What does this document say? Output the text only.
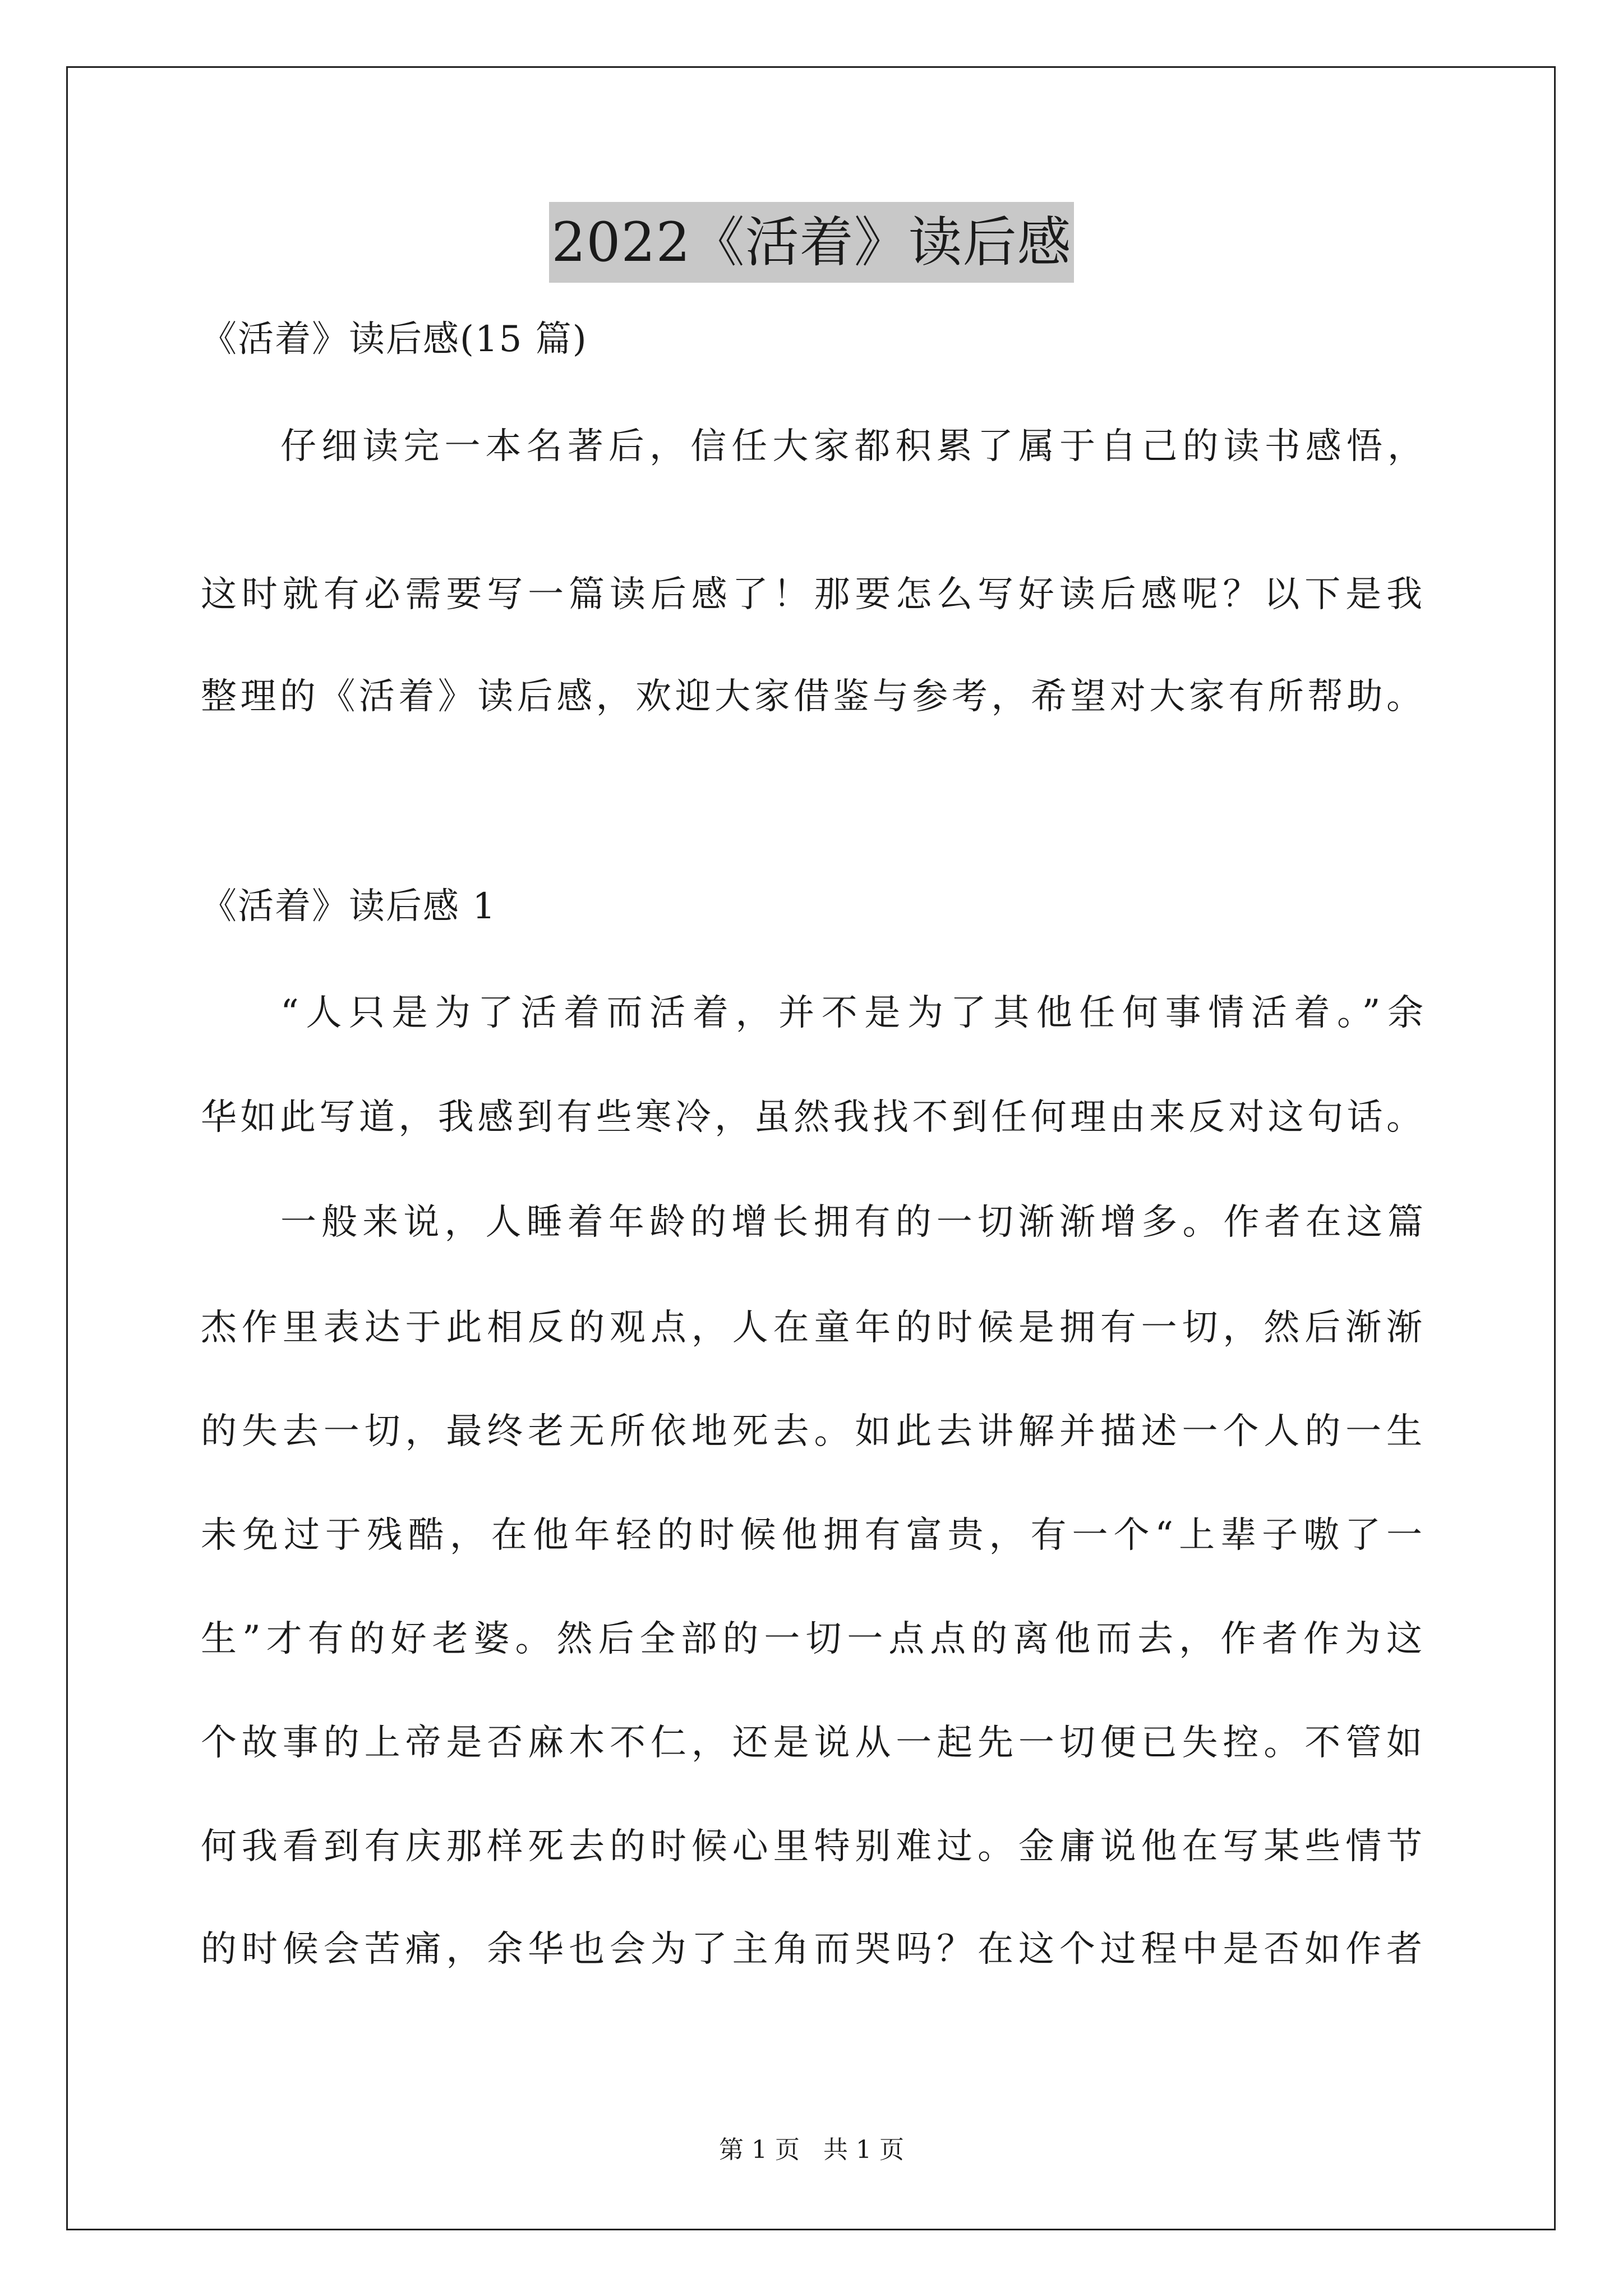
2022《活着》读后感
《活着》读后感(15 篇)
仔细读完一本名著后，信任大家都积累了属于自己的读书感悟，
这时就有必需要写一篇读后感了！那要怎么写好读后感呢？以下是我
整理的《活着》读后感，欢迎大家借鉴与参考，希望对大家有所帮助。
《活着》读后感 1
“人只是为了活着而活着，并不是为了其他任何事情活着。”余
华如此写道，我感到有些寒冷，虽然我找不到任何理由来反对这句话。
一般来说，人睡着年龄的增长拥有的一切渐渐增多。作者在这篇
杰作里表达于此相反的观点，人在童年的时候是拥有一切，然后渐渐
的失去一切，最终老无所依地死去。如此去讲解并描述一个人的一生
未免过于残酷，在他年轻的时候他拥有富贵，有一个“上辈子嗷了一
生”才有的好老婆。然后全部的一切一点点的离他而去，作者作为这
个故事的上帝是否麻木不仁，还是说从一起先一切便已失控。不管如
何我看到有庆那样死去的时候心里特别难过。金庸说他在写某些情节
的时候会苦痛，余华也会为了主角而哭吗？在这个过程中是否如作者
第 1 页   共 1 页
